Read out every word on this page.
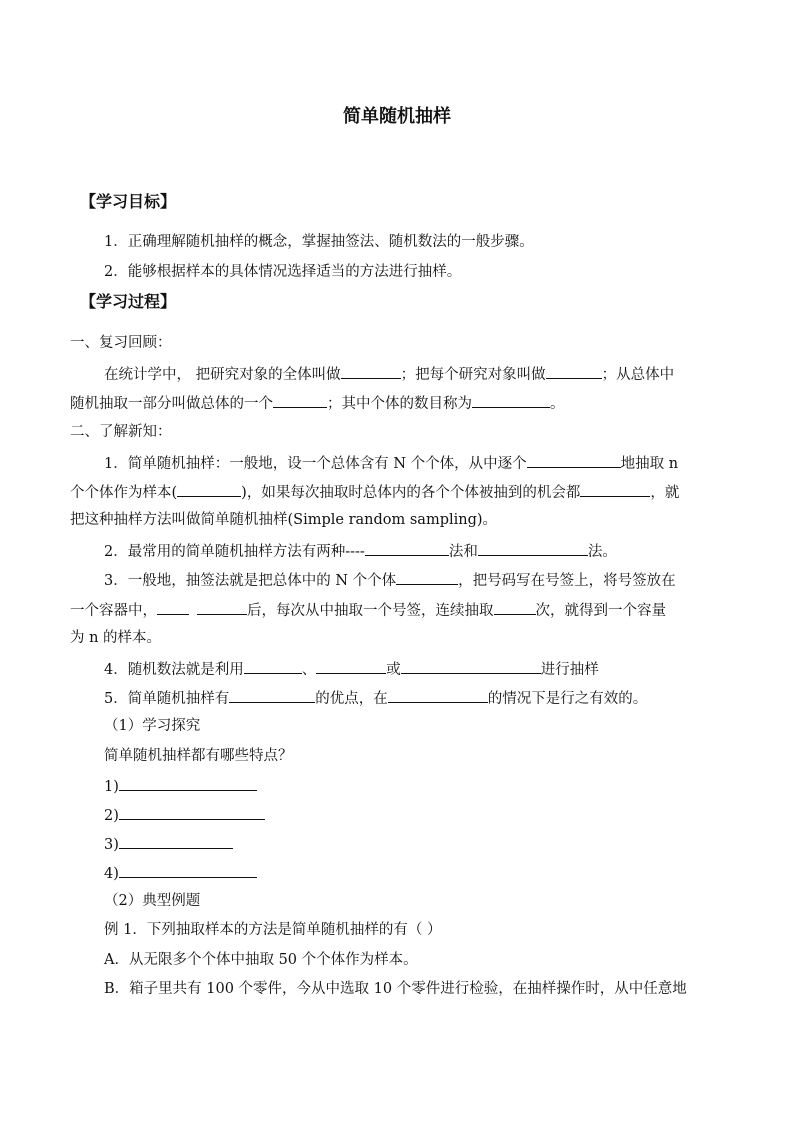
简单随机抽样
【学习目标】
1．正确理解随机抽样的概念，掌握抽签法、随机数法的一般步骤。
2．能够根据样本的具体情况选择适当的方法进行抽样。
【学习过程】
一、复习回顾：
在统计学中， 把研究对象的全体叫做	；把每个研究对象叫做	；从总体中
随机抽取一部分叫做总体的一个	；其中个体的数目称为	。
二、了解新知：
1．简单随机抽样：一般地，设一个总体含有 N 个个体，从中逐个	地抽取 n
个个体作为样本(	)，如果每次抽取时总体内的各个个体被抽到的机会都	，就
把这种抽样方法叫做简单随机抽样(Simple random sampling)。
2．最常用的简单随机抽样方法有两种----	法和	法。
3．一般地，抽签法就是把总体中的 N 个个体	，把号码写在号签上，将号签放在
一个容器中，	后，每次从中抽取一个号签，连续抽取	次，就得到一个容量
为 n 的样本。
4．随机数法就是利用	、	或	进行抽样
5．简单随机抽样有	的优点，在	的情况下是行之有效的。
（1）学习探究
简单随机抽样都有哪些特点？
1)
2)
3)
4)
（2）典型例题
例 1．下列抽取样本的方法是简单随机抽样的有（ ）
A．从无限多个个体中抽取 50 个个体作为样本。
B．箱子里共有 100 个零件，今从中选取 10 个零件进行检验，在抽样操作时，从中任意地
